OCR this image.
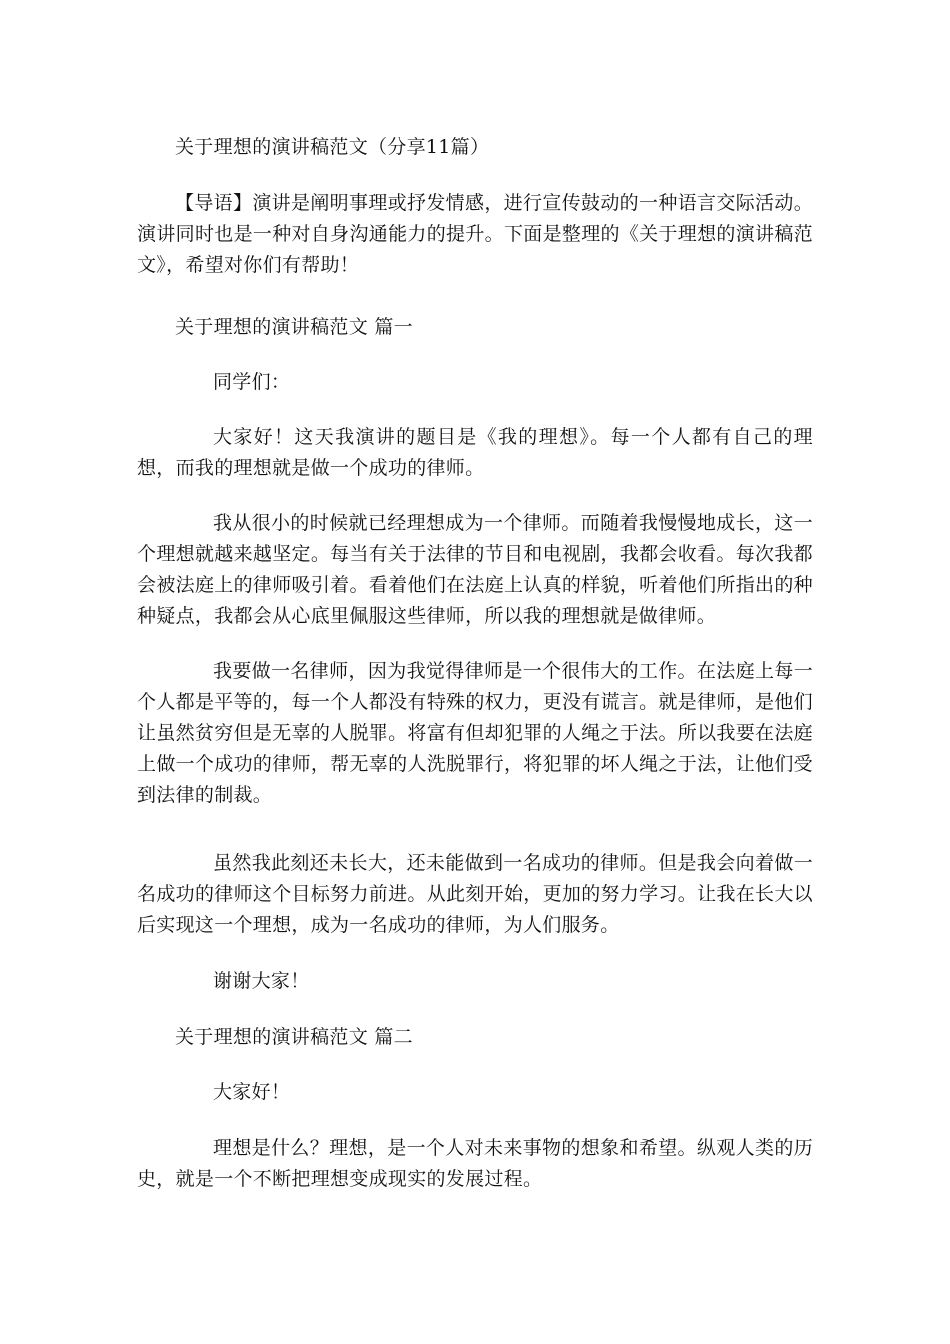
关于理想的演讲稿范文（分享11篇）

【导语】演讲是阐明事理或抒发情感，进行宣传鼓动的一种语言交际活动。演讲同时也是一种对自身沟通能力的提升。下面是整理的《关于理想的演讲稿范文》，希望对你们有帮助！

关于理想的演讲稿范文 篇一

同学们：

大家好！这天我演讲的题目是《我的理想》。每一个人都有自己的理想，而我的理想就是做一个成功的律师。

我从很小的时候就已经理想成为一个律师。而随着我慢慢地成长，这一个理想就越来越坚定。每当有关于法律的节目和电视剧，我都会收看。每次我都会被法庭上的律师吸引着。看着他们在法庭上认真的样貌，听着他们所指出的种种疑点，我都会从心底里佩服这些律师，所以我的理想就是做律师。

我要做一名律师，因为我觉得律师是一个很伟大的工作。在法庭上每一个人都是平等的，每一个人都没有特殊的权力，更没有谎言。就是律师，是他们让虽然贫穷但是无辜的人脱罪。将富有但却犯罪的人绳之于法。所以我要在法庭上做一个成功的律师，帮无辜的人洗脱罪行，将犯罪的坏人绳之于法，让他们受到法律的制裁。

虽然我此刻还未长大，还未能做到一名成功的律师。但是我会向着做一名成功的律师这个目标努力前进。从此刻开始，更加的努力学习。让我在长大以后实现这一个理想，成为一名成功的律师，为人们服务。

谢谢大家！

关于理想的演讲稿范文 篇二

大家好！

理想是什么？理想，是一个人对未来事物的想象和希望。纵观人类的历史，就是一个不断把理想变成现实的发展过程。
